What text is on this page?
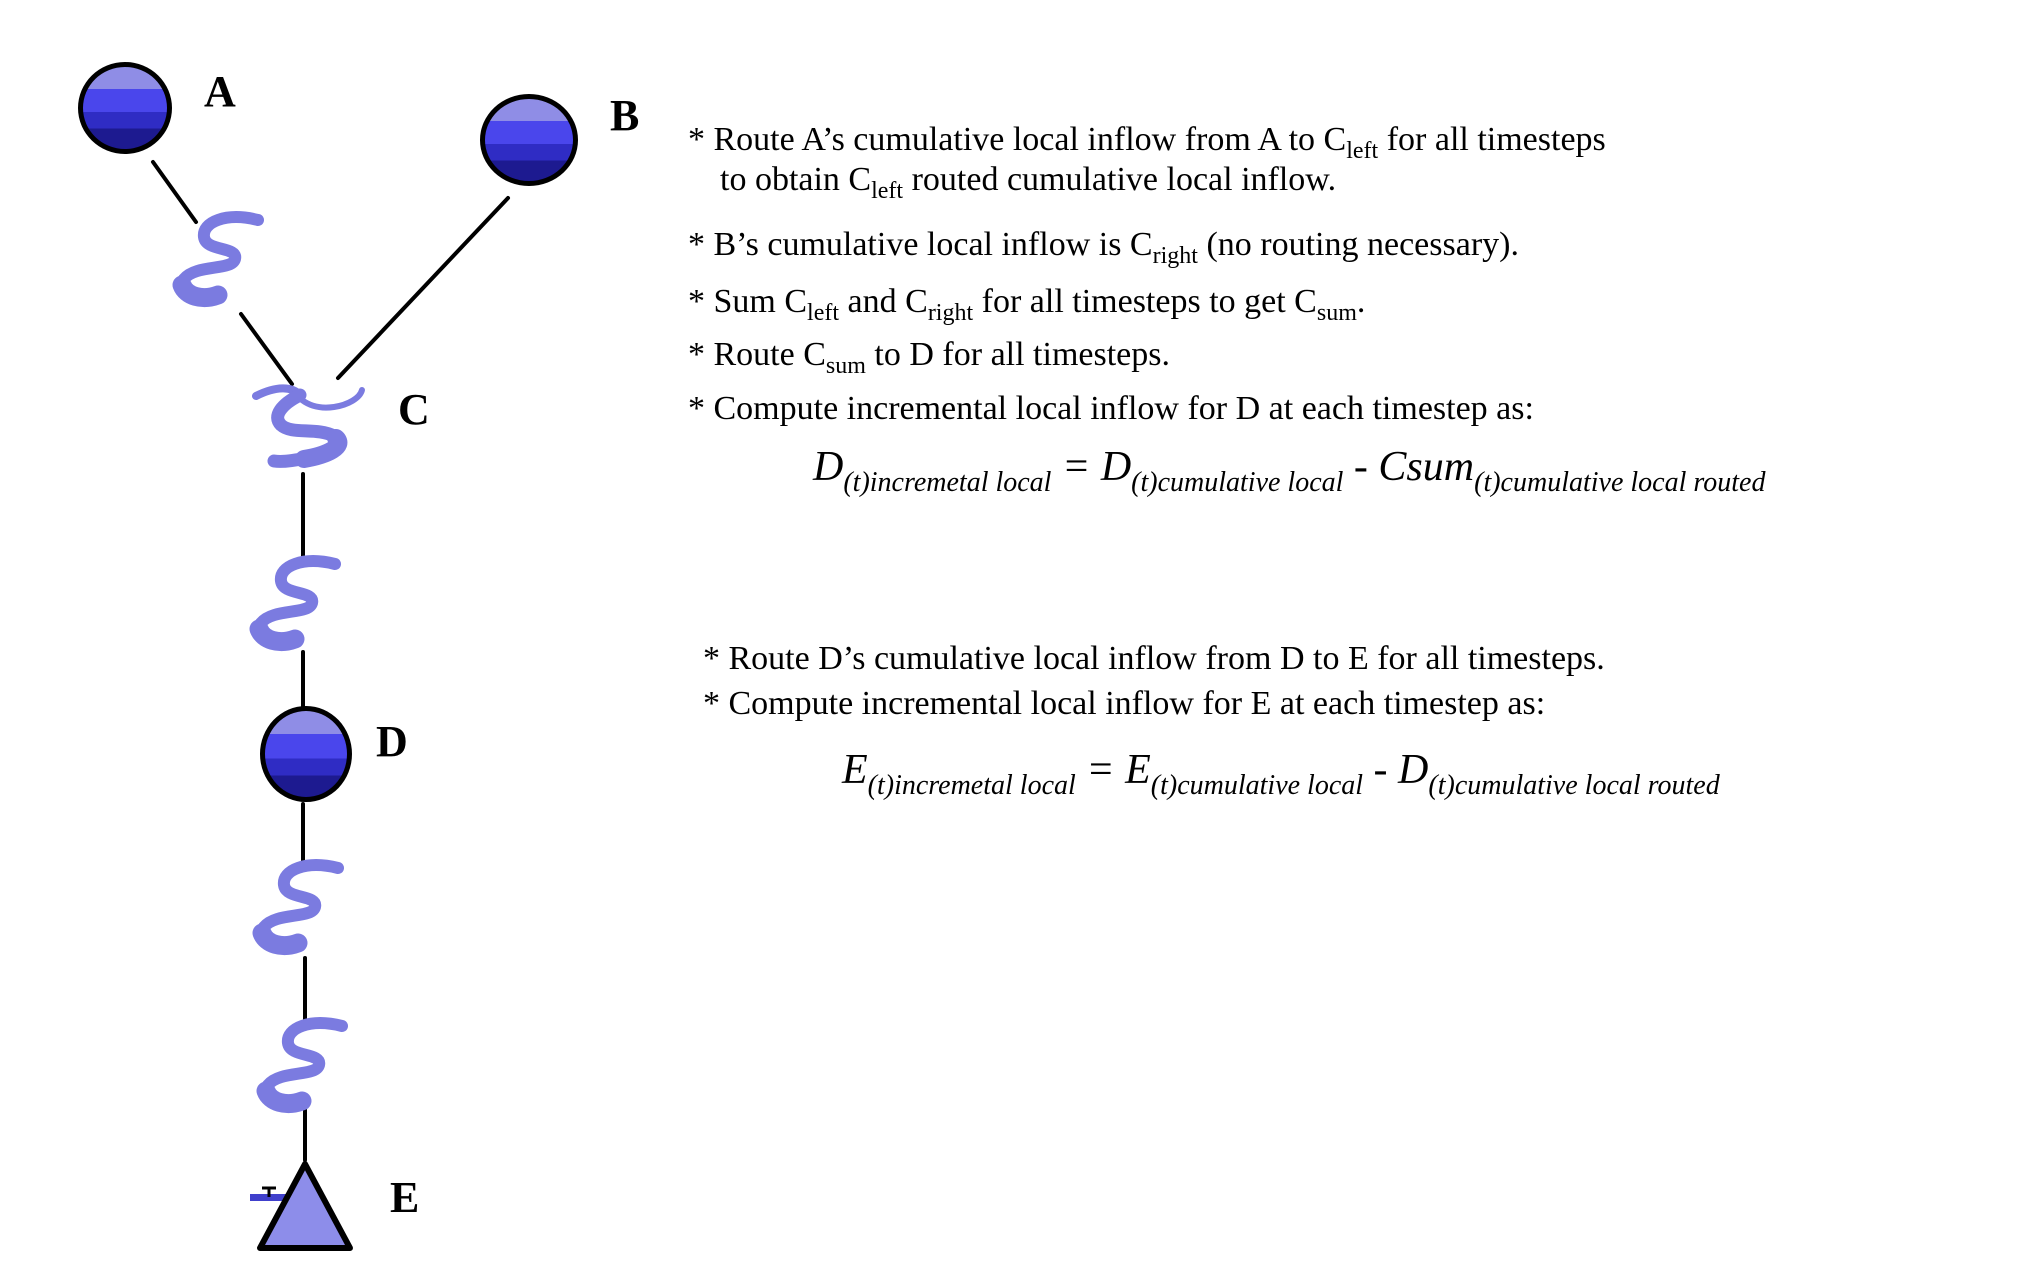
A	B
C
D
E
* Route A’s cumulative local inflow from A to $C_{left}$ for all timesteps
to obtain $C_{left}$ routed cumulative local inflow.
* B’s cumulative local inflow is $C_{right}$ (no routing necessary).
* Sum $C_{left}$ and $C_{right}$ for all timesteps to get $C_{sum}$.
* Route $C_{sum}$ to D for all timesteps.
* Compute incremental local inflow for D at each timestep as:
$D_{(t)incremetal local} = D_{(t)cumulative local}$ - Csum$_{(t)cumulative local routed}$
* Route D’s cumulative local inflow from D to E for all timesteps.
* Compute incremental local inflow for E at each timestep as:
$E_{(t)incremetal local} = E_{(t)cumulative local} - D_{(t)cumulative local routed}$
